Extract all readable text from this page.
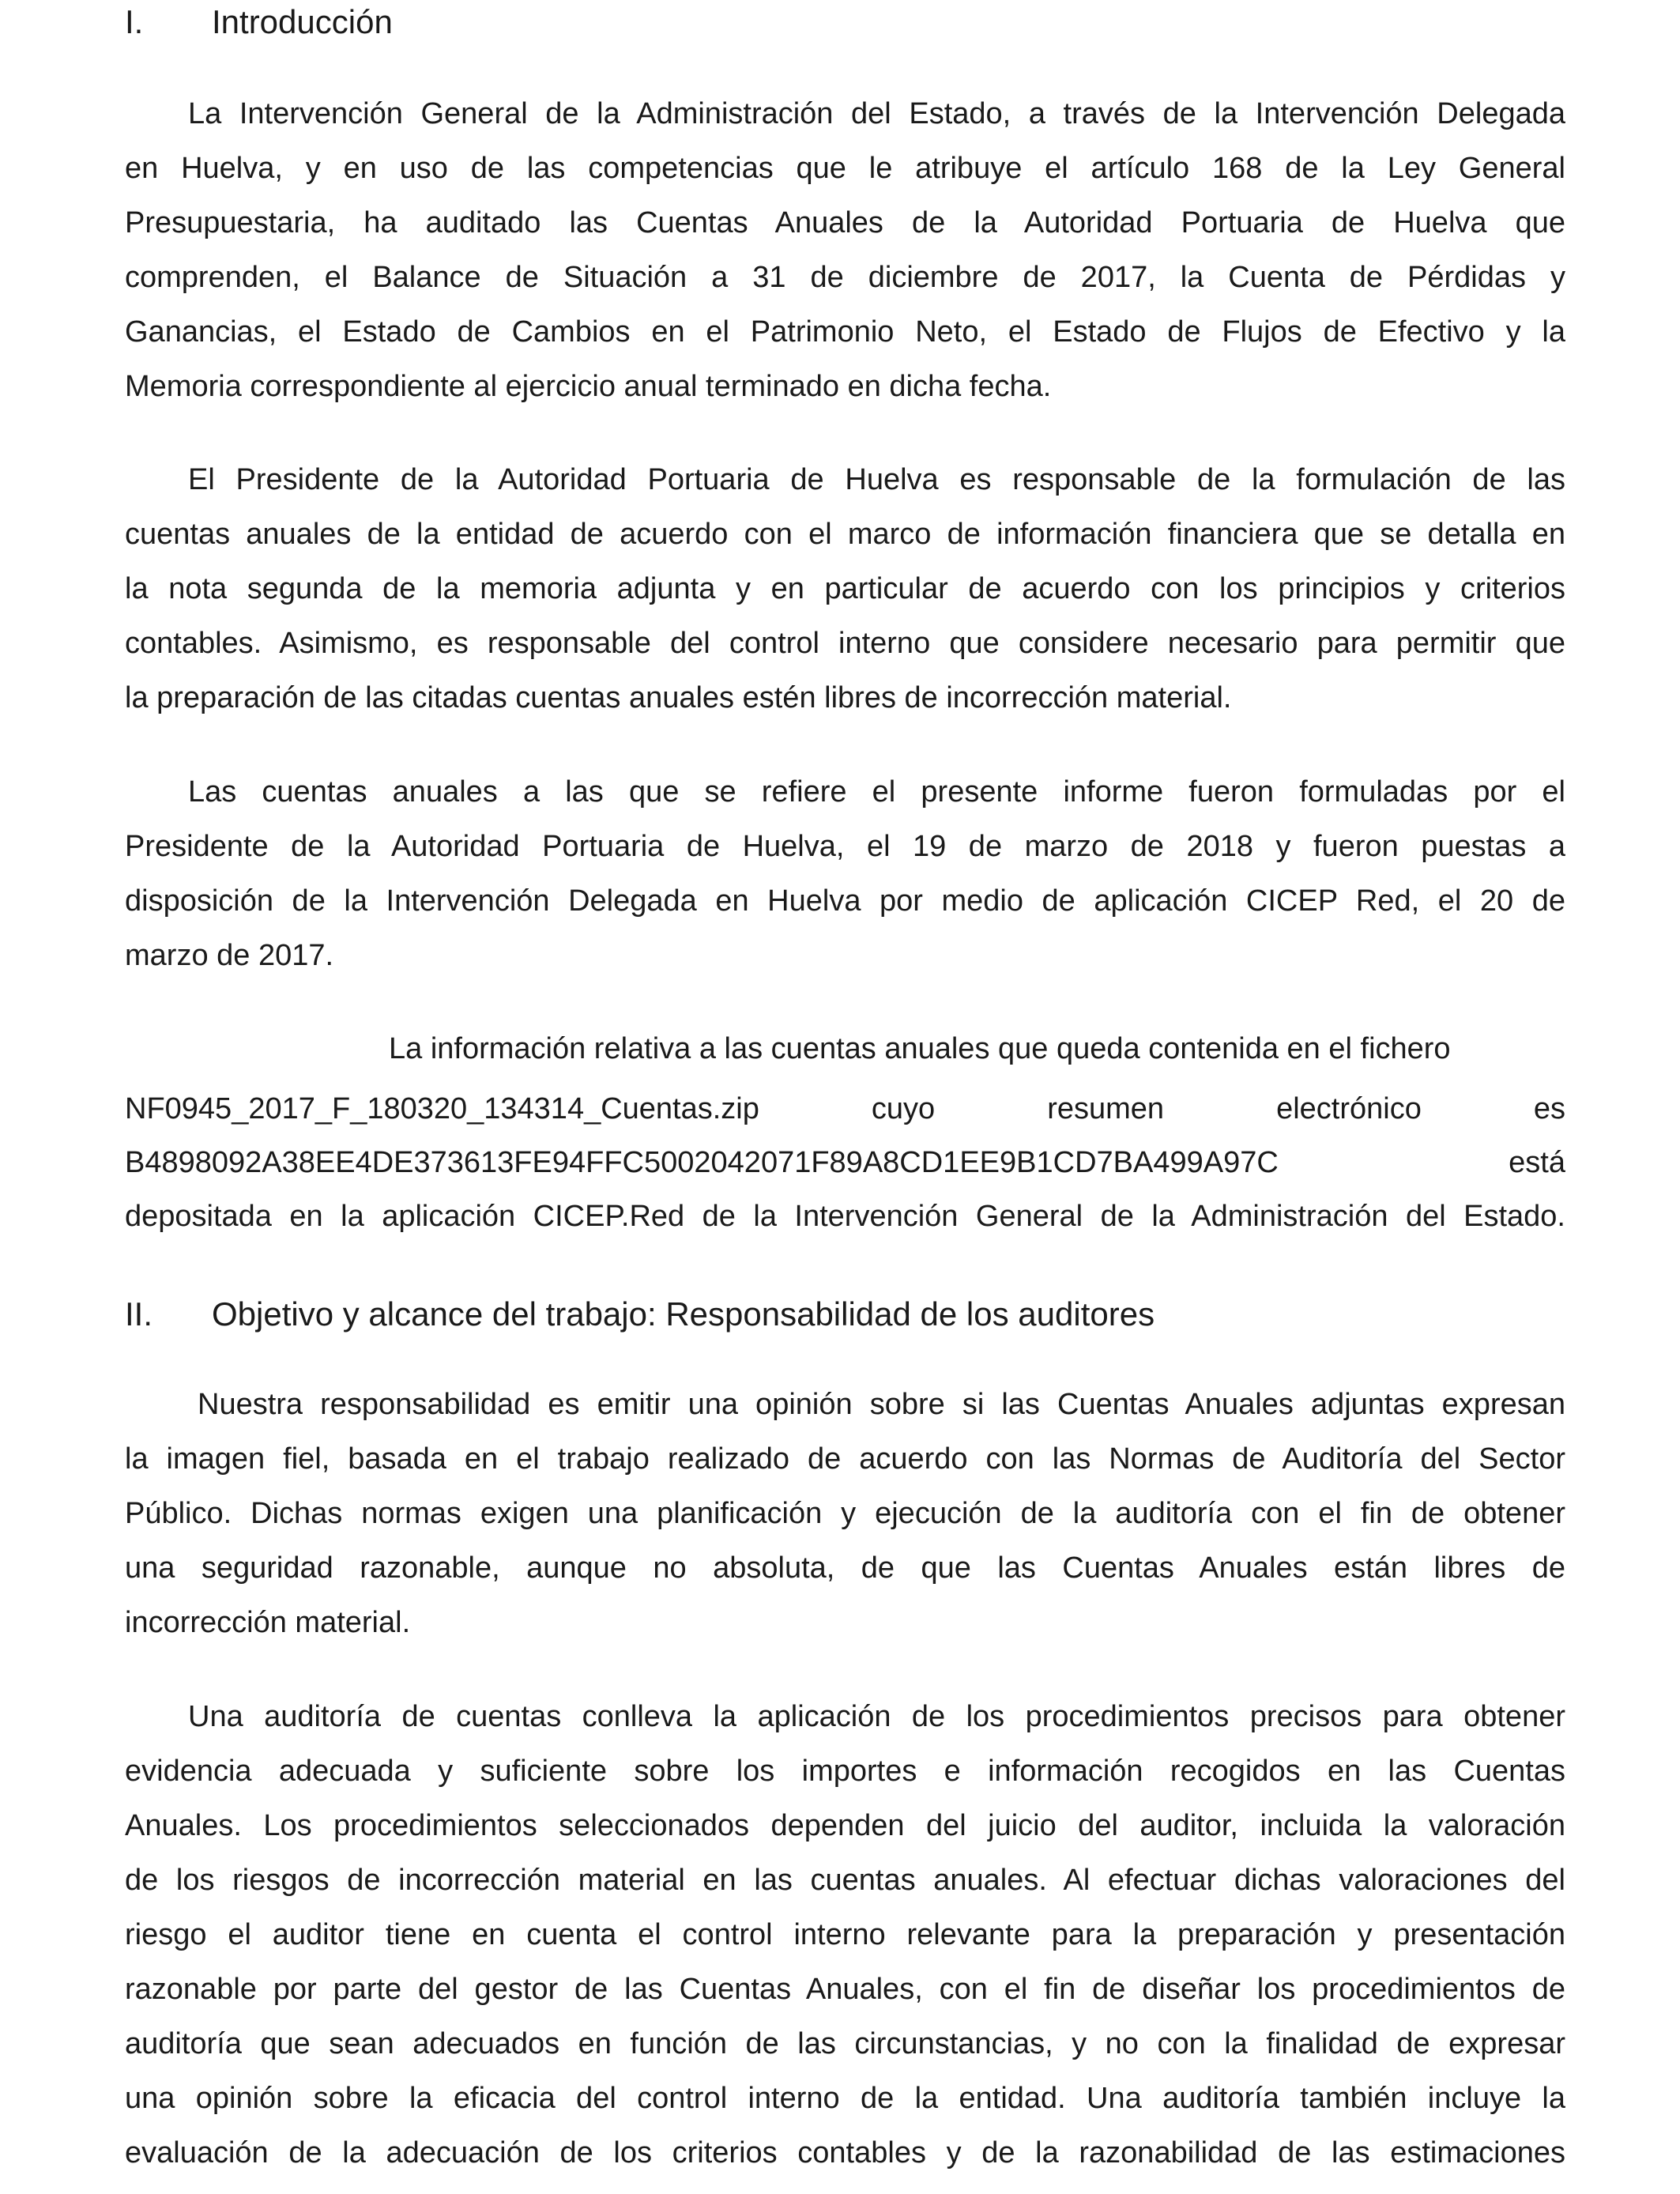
I. Introducción
La Intervención General de la Administración del Estado, a través de la Intervención Delegada
en Huelva, y en uso de las competencias que le atribuye el artículo 168 de la Ley General
Presupuestaria, ha auditado las Cuentas Anuales de la Autoridad Portuaria de Huelva que
comprenden, el Balance de Situación a 31 de diciembre de 2017, la Cuenta de Pérdidas y
Ganancias, el Estado de Cambios en el Patrimonio Neto, el Estado de Flujos de Efectivo y la
Memoria correspondiente al ejercicio anual terminado en dicha fecha.
El Presidente de la Autoridad Portuaria de Huelva es responsable de la formulación de las
cuentas anuales de la entidad de acuerdo con el marco de información financiera que se detalla en
la nota segunda de la memoria adjunta y en particular de acuerdo con los principios y criterios
contables. Asimismo, es responsable del control interno que considere necesario para permitir que
la preparación de las citadas cuentas anuales estén libres de incorrección material.
Las cuentas anuales a las que se refiere el presente informe fueron formuladas por el
Presidente de la Autoridad Portuaria de Huelva, el 19 de marzo de 2018 y fueron puestas a
disposición de la Intervención Delegada en Huelva por medio de aplicación CICEP Red, el 20 de
marzo de 2017.
La información relativa a las cuentas anuales que queda contenida en el fichero
NF0945_2017_F_180320_134314_Cuentas.zip cuyo resumen electrónico es
B4898092A38EE4DE373613FE94FFC5002042071F89A8CD1EE9B1CD7BA499A97C está
depositada en la aplicación CICEP.Red de la Intervención General de la Administración del Estado.
II. Objetivo y alcance del trabajo: Responsabilidad de los auditores
Nuestra responsabilidad es emitir una opinión sobre si las Cuentas Anuales adjuntas expresan
la imagen fiel, basada en el trabajo realizado de acuerdo con las Normas de Auditoría del Sector
Público. Dichas normas exigen una planificación y ejecución de la auditoría con el fin de obtener
una seguridad razonable, aunque no absoluta, de que las Cuentas Anuales están libres de
incorrección material.
Una auditoría de cuentas conlleva la aplicación de los procedimientos precisos para obtener
evidencia adecuada y suficiente sobre los importes e información recogidos en las Cuentas
Anuales. Los procedimientos seleccionados dependen del juicio del auditor, incluida la valoración
de los riesgos de incorrección material en las cuentas anuales. Al efectuar dichas valoraciones del
riesgo el auditor tiene en cuenta el control interno relevante para la preparación y presentación
razonable por parte del gestor de las Cuentas Anuales, con el fin de diseñar los procedimientos de
auditoría que sean adecuados en función de las circunstancias, y no con la finalidad de expresar
una opinión sobre la eficacia del control interno de la entidad. Una auditoría también incluye la
evaluación de la adecuación de los criterios contables y de la razonabilidad de las estimaciones
